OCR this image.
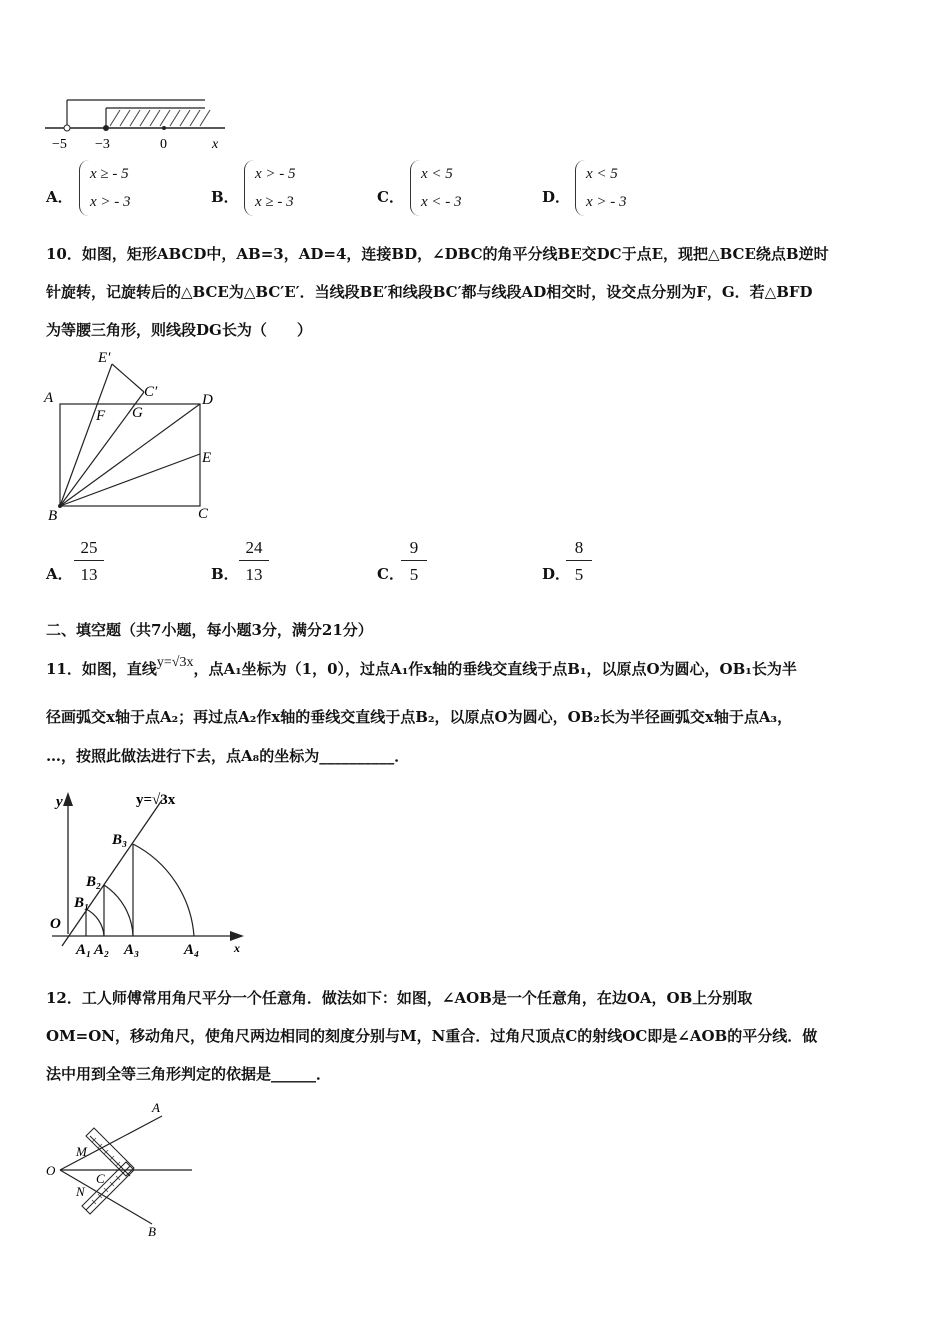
−5 −3	0	x
A．
x ≥ - 5
x > - 3	B．
x > - 5
x ≥ - 3	C．
x < 5
x < - 3	D．
x < 5
x > - 3
10．如图，矩形ABCD中，AB=3，AD=4，连接BD，∠DBC的角平分线BE交DC于点E，现把△BCE绕点B逆时
针旋转，记旋转后的△BCE为△BC′E′．当线段BE′和线段BC′都与线段AD相交时，设交点分别为F，G．若△BFD
为等腰三角形，则线段DG长为（　　）
E′
C′
A	D
F G
E
B	C
A． $\frac{25}{13}$	B． $\frac{24}{13}$	C．
$\frac{9}{5}$	D．
$\frac{8}{5}$
二、填空题（共7小题，每小题3分，满分21分）
11．如图，直线y=√3x，点A₁坐标为（1，0），过点A₁作x轴的垂线交直线于点B₁，以原点O为圆心，OB₁长为半
径画弧交x轴于点A₂；再过点A₂作x轴的垂线交直线于点B₂，以原点O为圆心，OB₂长为半径画弧交x轴于点A₃，
…，按照此做法进行下去，点A₈的坐标为__________．
y	y=√3x
O
B₁
B₂
B₃
A₁ A₂ A₃	A₄	x
12．工人师傅常用角尺平分一个任意角．做法如下：如图，∠AOB是一个任意角，在边OA，OB上分别取
OM=ON，移动角尺，使角尺两边相同的刻度分别与M，N重合．过角尺顶点C的射线OC即是∠AOB的平分线．做
法中用到全等三角形判定的依据是______．
A
O
M
C
N
B
